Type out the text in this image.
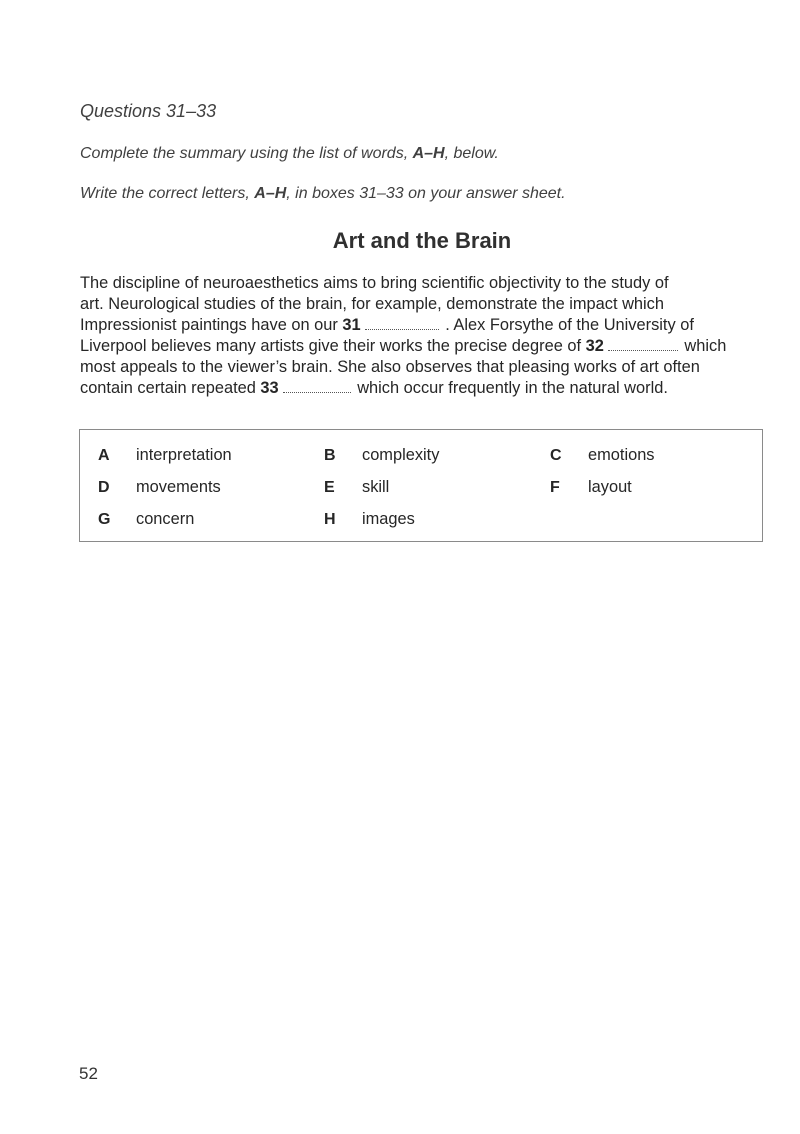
Questions 31–33
Complete the summary using the list of words, A–H, below.
Write the correct letters, A–H, in boxes 31–33 on your answer sheet.
Art and the Brain
The discipline of neuroaesthetics aims to bring scientific objectivity to the study of
art. Neurological studies of the brain, for example, demonstrate the impact which
Impressionist paintings have on our 31	. Alex Forsythe of the University of
Liverpool believes many artists give their works the precise degree of 32	which
most appeals to the viewer’s brain. She also observes that pleasing works of art often
contain certain repeated 33	which occur frequently in the natural world.
A interpretation	B complexity	C emotions
D movements	E skill	F layout
G concern	H images
52
